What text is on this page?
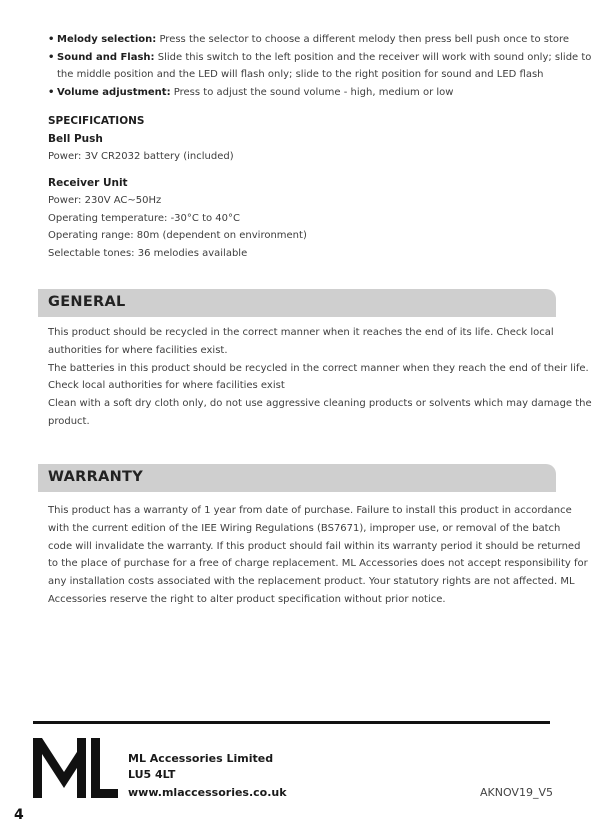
• Melody selection: Press the selector to choose a different melody then press bell push once to store
• Sound and Flash: Slide this switch to the left position and the receiver will work with sound only; slide to
the middle position and the LED will flash only; slide to the right position for sound and LED flash
• Volume adjustment: Press to adjust the sound volume - high, medium or low
SPECIFICATIONS
Bell Push
Power: 3V CR2032 battery (included)
Receiver Unit
Power: 230V AC~50Hz
Operating temperature: -30°C to 40°C
Operating range: 80m (dependent on environment)
Selectable tones: 36 melodies available
GENERAL
This product should be recycled in the correct manner when it reaches the end of its life. Check local
authorities for where facilities exist.
The batteries in this product should be recycled in the correct manner when they reach the end of their life.
Check local authorities for where facilities exist
Clean with a soft dry cloth only, do not use aggressive cleaning products or solvents which may damage the
product.
WARRANTY
This product has a warranty of 1 year from date of purchase. Failure to install this product in accordance
with the current edition of the IEE Wiring Regulations (BS7671), improper use, or removal of the batch
code will invalidate the warranty. If this product should fail within its warranty period it should be returned
to the place of purchase for a free of charge replacement. ML Accessories does not accept responsibility for
any installation costs associated with the replacement product. Your statutory rights are not affected. ML
Accessories reserve the right to alter product specification without prior notice.
ML Accessories Limited
LU5 4LT
www.mlaccessories.co.uk	AKNOV19_V5
4
